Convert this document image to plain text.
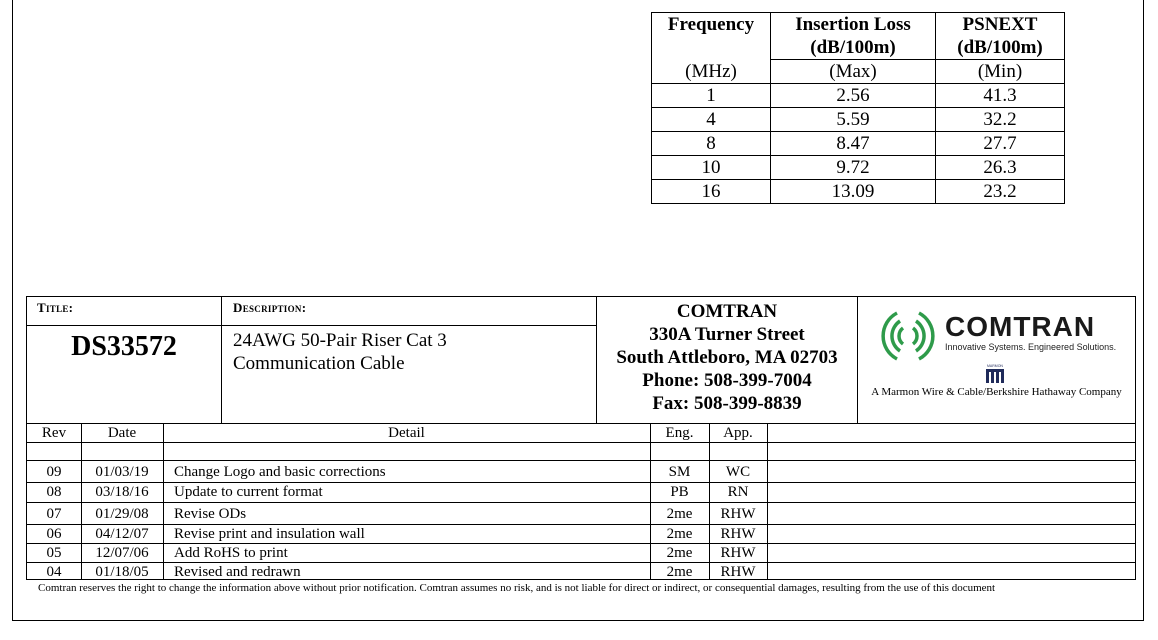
Frequency	Insertion Loss	PSNEXT
	(dB/100m)	(dB/100m)
(MHz)	(Max)	(Min)
1	2.56	41.3
4	5.59	32.2
8	8.47	27.7
10	9.72	26.3
16	13.09	23.2
Title:
DS33572
Description:
24AWG 50-Pair Riser Cat 3
Communication Cable
COMTRAN
330A Turner Street
South Attleboro, MA 02703
Phone: 508-399-7004
Fax: 508-399-8839
COMTRAN
Innovative Systems. Engineered Solutions.
MARMON
A Marmon Wire & Cable/Berkshire Hathaway Company
Rev	Date	Detail	Eng.	App.
09	01/03/19	Change Logo and basic corrections	SM	WC
08	03/18/16	Update to current format	PB	RN
07	01/29/08	Revise ODs	2me	RHW
06	04/12/07	Revise print and insulation wall	2me	RHW
05	12/07/06	Add RoHS to print	2me	RHW
04	01/18/05	Revised and redrawn	2me	RHW
Comtran reserves the right to change the information above without prior notification. Comtran assumes no risk, and is not liable for direct or indirect, or consequential damages, resulting from the use of this document
